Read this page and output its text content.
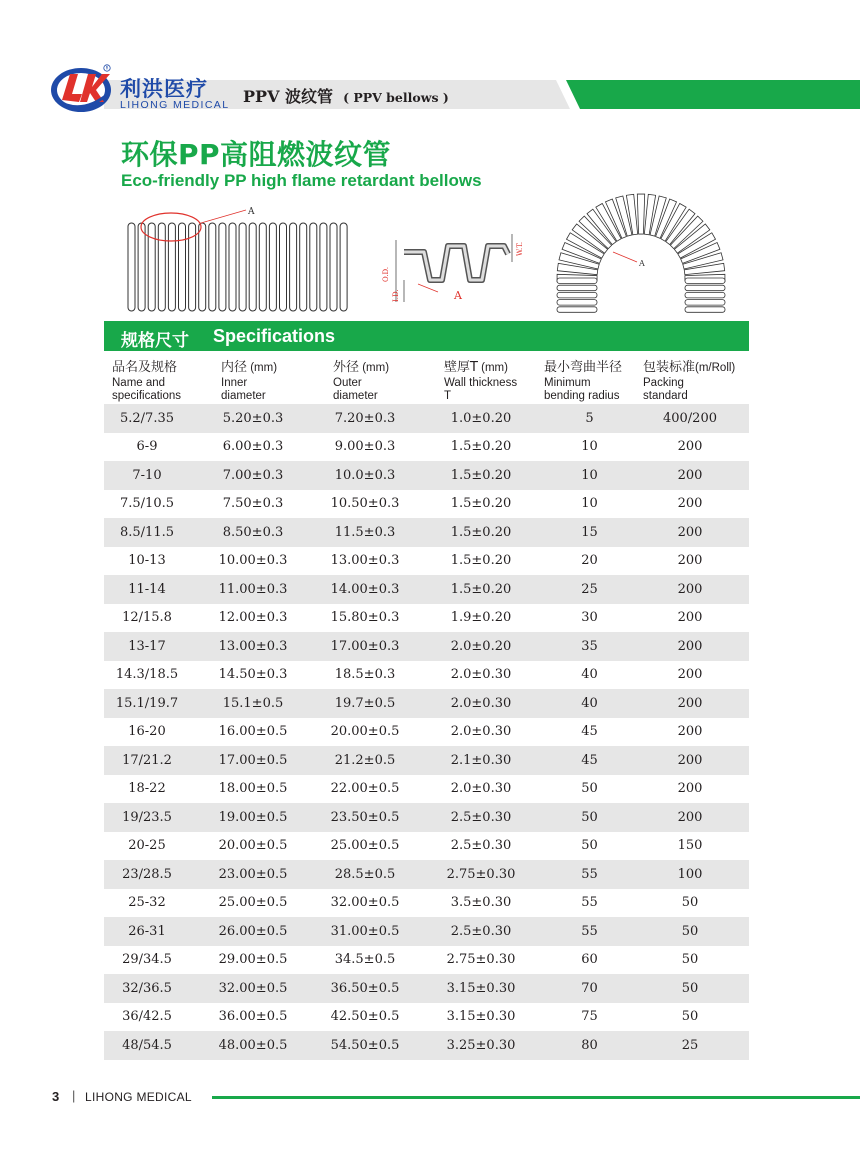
R
利洪医疗
LIHONG MEDICAL PPV 波纹管 ( PPV bellows )
环保PP高阻燃波纹管
Eco-friendly PP high flame retardant bellows
A
O.D.
I.D.
W.T.
A
A
规格尺寸 Specifications
品名及规格
Name and
specifications
内径 (mm)
Inner
diameter
外径 (mm)
Outer
diameter
壁厚T (mm)
Wall thickness
T
最小弯曲半径
Minimum
bending radius
包装标准(m/Roll)
Packing
standard
5.2/7.35	5.20±0.3	7.20±0.3	1.0±0.20	5	400/200
6-9	6.00±0.3	9.00±0.3	1.5±0.20	10	200
7-10	7.00±0.3	10.0±0.3	1.5±0.20	10	200
7.5/10.5	7.50±0.3	10.50±0.3	1.5±0.20	10	200
8.5/11.5	8.50±0.3	11.5±0.3	1.5±0.20	15	200
10-13	10.00±0.3	13.00±0.3	1.5±0.20	20	200
11-14	11.00±0.3	14.00±0.3	1.5±0.20	25	200
12/15.8	12.00±0.3	15.80±0.3	1.9±0.20	30	200
13-17	13.00±0.3	17.00±0.3	2.0±0.20	35	200
14.3/18.5	14.50±0.3	18.5±0.3	2.0±0.30	40	200
15.1/19.7	15.1±0.5	19.7±0.5	2.0±0.30	40	200
16-20	16.00±0.5	20.00±0.5	2.0±0.30	45	200
17/21.2	17.00±0.5	21.2±0.5	2.1±0.30	45	200
18-22	18.00±0.5	22.00±0.5	2.0±0.30	50	200
19/23.5	19.00±0.5	23.50±0.5	2.5±0.30	50	200
20-25	20.00±0.5	25.00±0.5	2.5±0.30	50	150
23/28.5	23.00±0.5	28.5±0.5	2.75±0.30	55	100
25-32	25.00±0.5	32.00±0.5	3.5±0.30	55	50
26-31	26.00±0.5	31.00±0.5	2.5±0.30	55	50
29/34.5	29.00±0.5	34.5±0.5	2.75±0.30	60	50
32/36.5	32.00±0.5	36.50±0.5	3.15±0.30	70	50
36/42.5	36.00±0.5	42.50±0.5	3.15±0.30	75	50
48/54.5	48.00±0.5	54.50±0.5	3.25±0.30	80	25
3 | LIHONG MEDICAL
